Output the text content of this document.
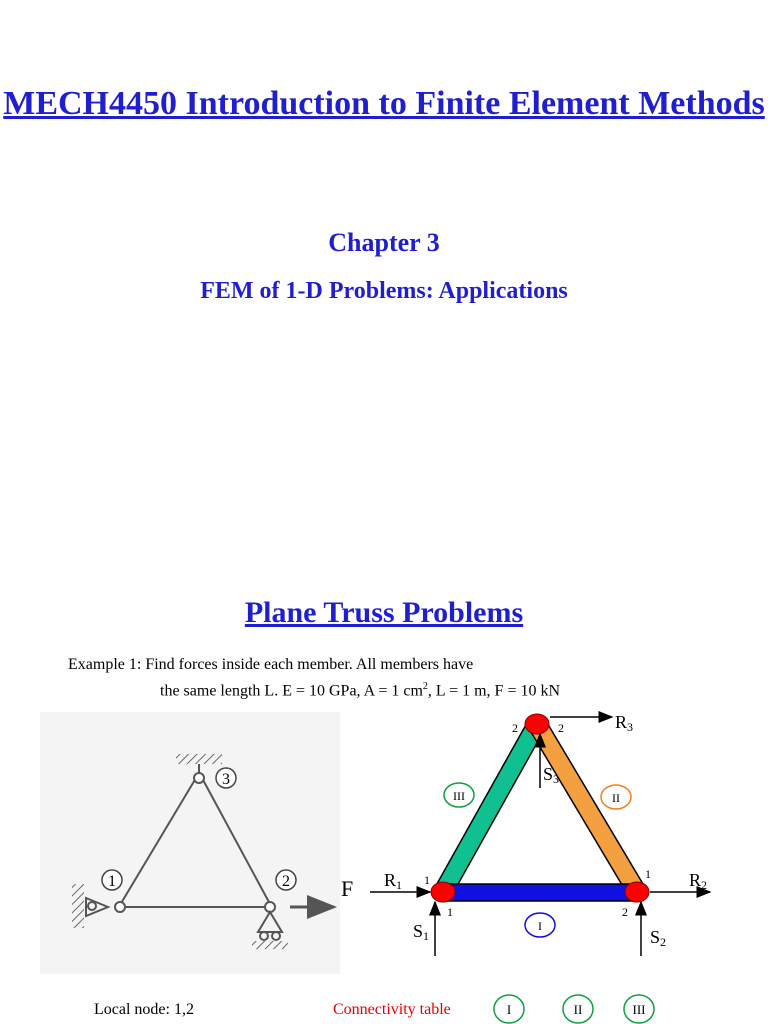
MECH4450 Introduction to Finite Element Methods
Chapter 3
FEM of 1-D Problems: Applications
Plane Truss Problems
Example 1: Find forces inside each member. All members have
the same length L. E = 10 GPa, A = 1 $cm^2$, L = 1 m, F = 10 kN
3
1	2 F
R3
R1	R2
S1	S2
S3
2	2
1
1
1
2
III	II
I
I	II	III
Local node: 1,2	Connectivity table
